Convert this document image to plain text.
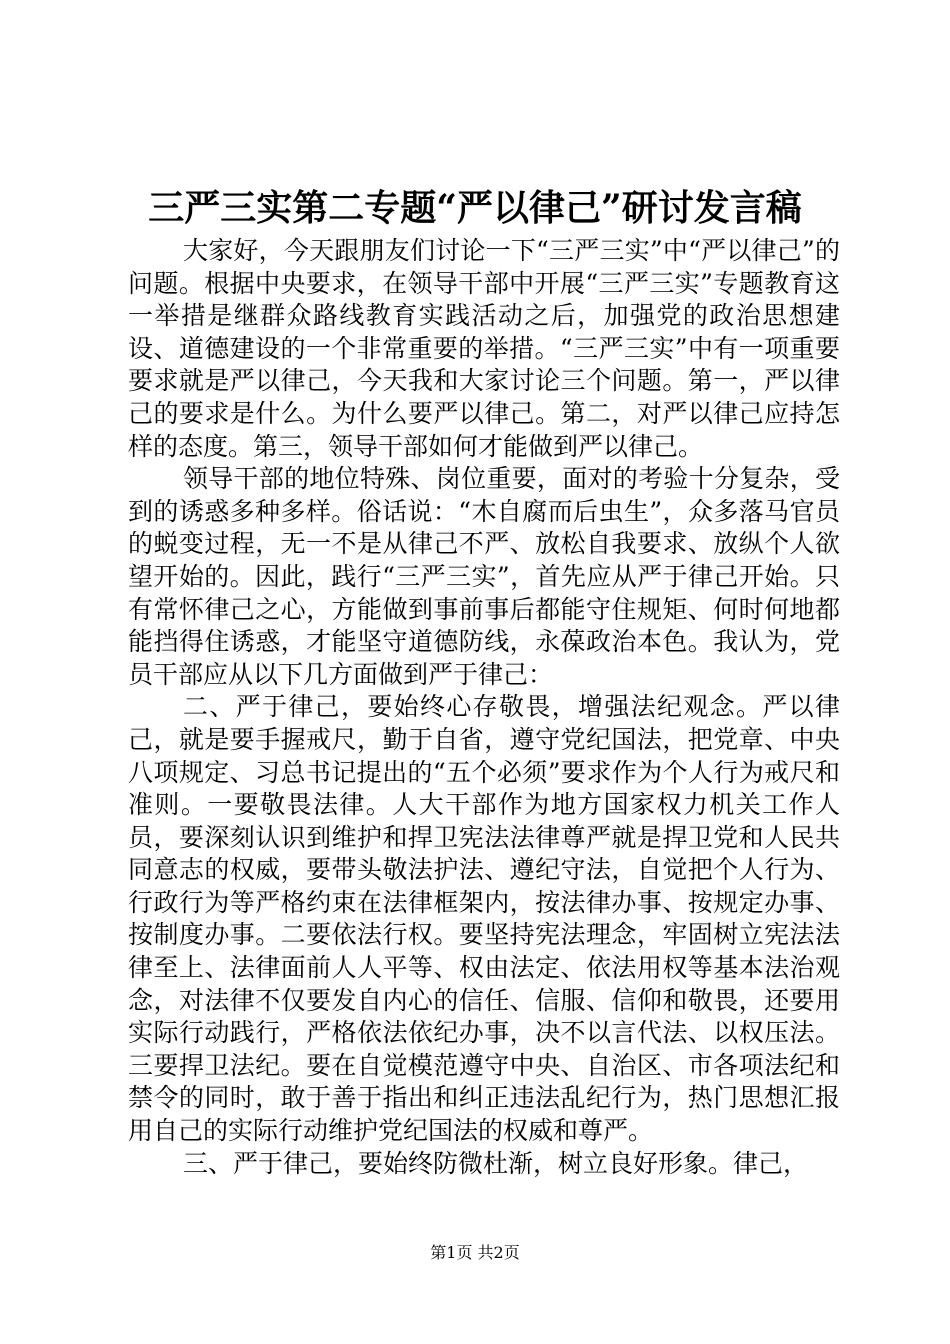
三严三实第二专题“严以律己”研讨发言稿

大家好，今天跟朋友们讨论一下“三严三实”中“严以律己”的问题。根据中央要求，在领导干部中开展“三严三实”专题教育这一举措是继群众路线教育实践活动之后，加强党的政治思想建设、道德建设的一个非常重要的举措。“三严三实”中有一项重要要求就是严以律己，今天我和大家讨论三个问题。第一，严以律己的要求是什么。为什么要严以律己。第二，对严以律己应持怎样的态度。第三，领导干部如何才能做到严以律己。

领导干部的地位特殊、岗位重要，面对的考验十分复杂，受到的诱惑多种多样。俗话说：“木自腐而后虫生”，众多落马官员的蜕变过程，无一不是从律己不严、放松自我要求、放纵个人欲望开始的。因此，践行“三严三实”，首先应从严于律己开始。只有常怀律己之心，方能做到事前事后都能守住规矩、何时何地都能挡得住诱惑，才能坚守道德防线，永葆政治本色。我认为，党员干部应从以下几方面做到严于律己：

二、严于律己，要始终心存敬畏，增强法纪观念。严以律己，就是要手握戒尺，勤于自省，遵守党纪国法，把党章、中央八项规定、习总书记提出的“五个必须”要求作为个人行为戒尺和准则。一要敬畏法律。人大干部作为地方国家权力机关工作人员，要深刻认识到维护和捍卫宪法法律尊严就是捍卫党和人民共同意志的权威，要带头敬法护法、遵纪守法，自觉把个人行为、行政行为等严格约束在法律框架内，按法律办事、按规定办事、按制度办事。二要依法行权。要坚持宪法理念，牢固树立宪法法律至上、法律面前人人平等、权由法定、依法用权等基本法治观念，对法律不仅要发自内心的信任、信服、信仰和敬畏，还要用实际行动践行，严格依法依纪办事，决不以言代法、以权压法。三要捍卫法纪。要在自觉模范遵守中央、自治区、市各项法纪和禁令的同时，敢于善于指出和纠正违法乱纪行为，热门思想汇报用自己的实际行动维护党纪国法的权威和尊严。

三、严于律己，要始终防微杜渐，树立良好形象。律己，

第1页 共2页
